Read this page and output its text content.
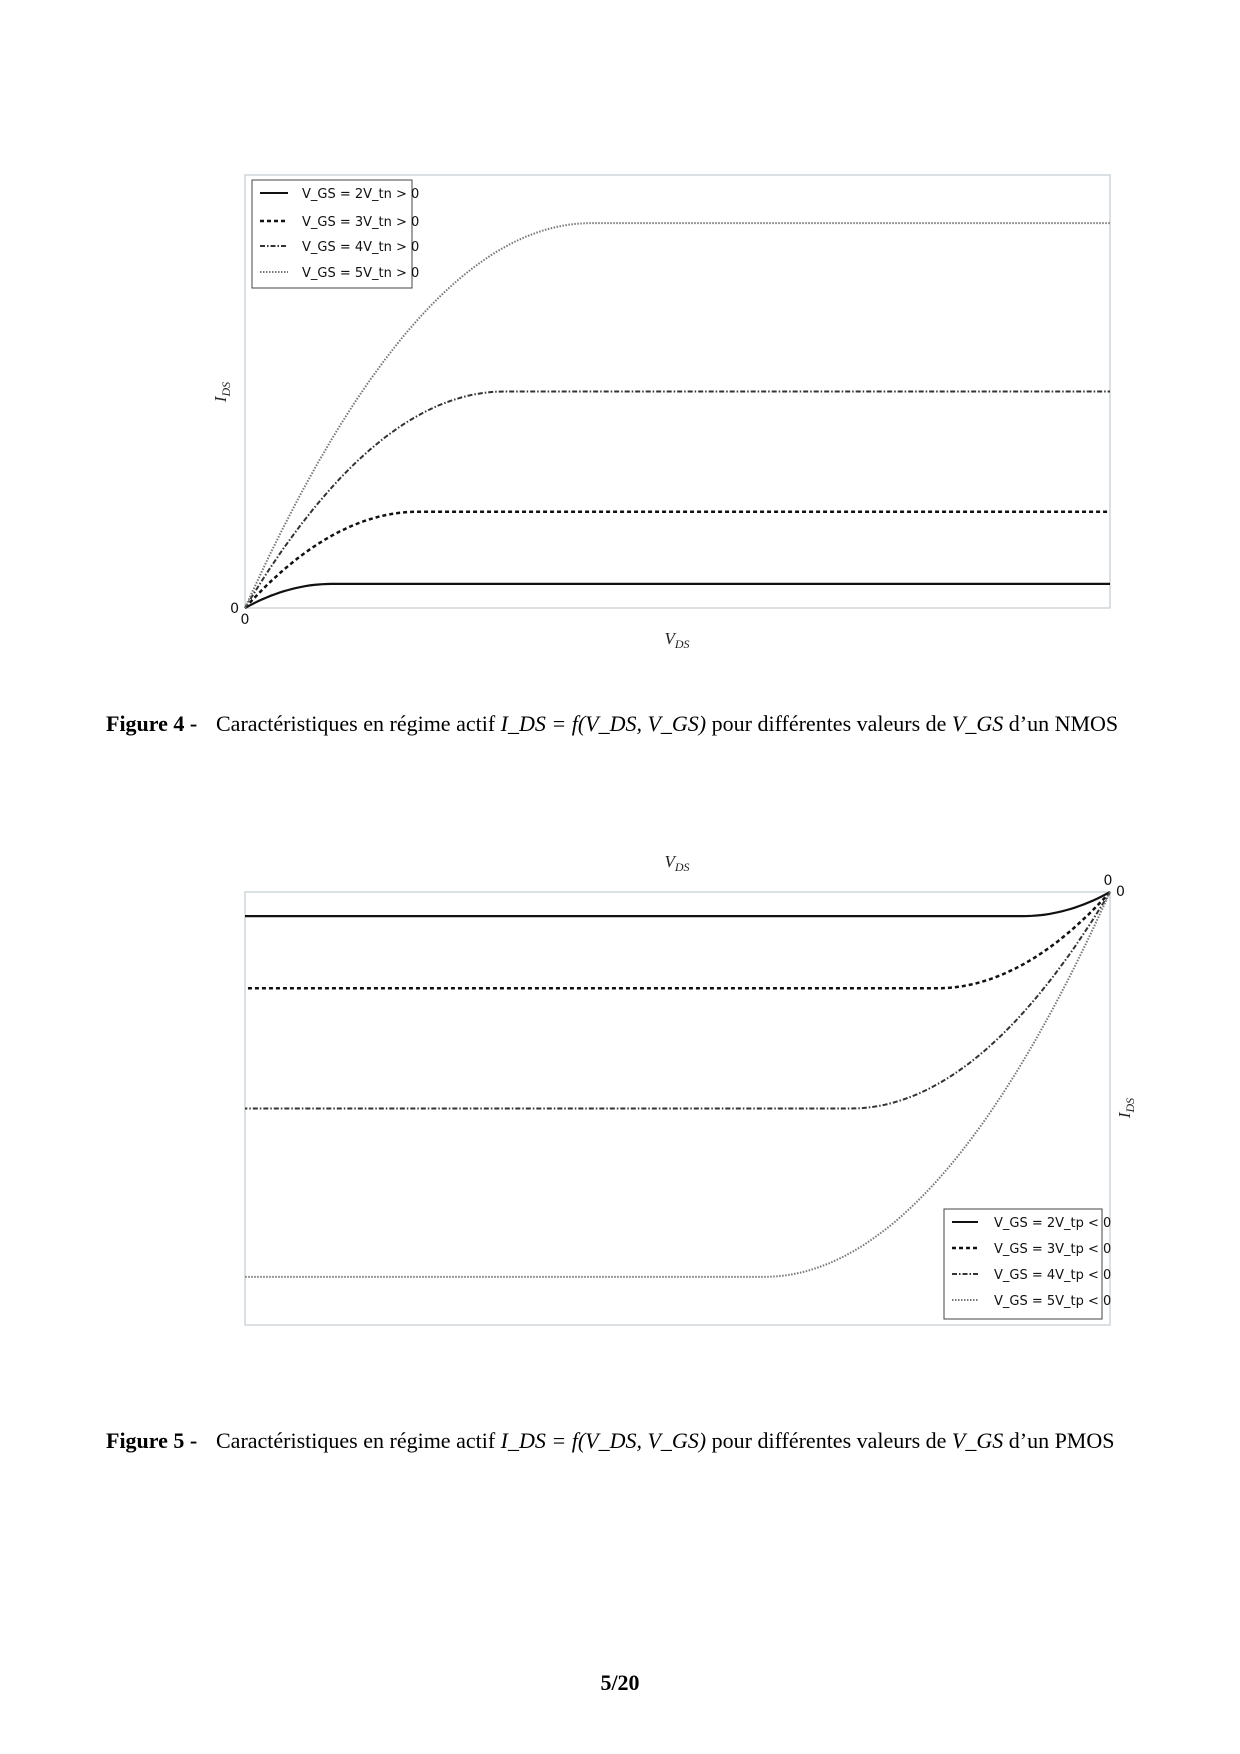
0
0
$V_{DS}$
$I_{DS}$
V_GS = 2V_tn > 0
V_GS = 3V_tn > 0
V_GS = 4V_tn > 0
V_GS = 5V_tn > 0
Figure 4 - Caractéristiques en régime actif I_DS = f(V_DS, V_GS) pour différentes valeurs de V_GS d’un NMOS
0
0
$V_{DS}$
$I_{DS}$
V_GS = 2V_tp < 0
V_GS = 3V_tp < 0
V_GS = 4V_tp < 0
V_GS = 5V_tp < 0
Figure 5 - Caractéristiques en régime actif I_DS = f(V_DS, V_GS) pour différentes valeurs de V_GS d’un PMOS
5/20
